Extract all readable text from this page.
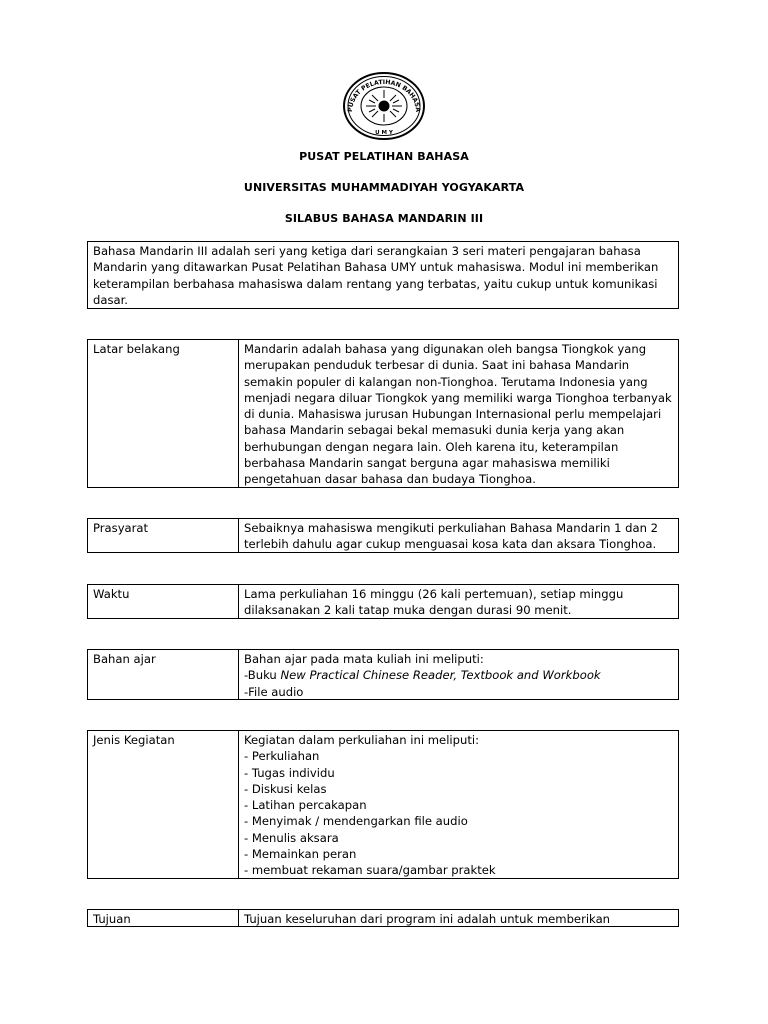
PUSAT PELATIHAN BAHASA
U M Y
PUSAT PELATIHAN BAHASA
UNIVERSITAS MUHAMMADIYAH YOGYAKARTA
SILABUS BAHASA MANDARIN III
Bahasa Mandarin III adalah seri yang ketiga dari serangkaian 3 seri materi pengajaran bahasa
Mandarin yang ditawarkan Pusat Pelatihan Bahasa UMY untuk mahasiswa. Modul ini memberikan
keterampilan berbahasa mahasiswa dalam rentang yang terbatas, yaitu cukup untuk komunikasi
dasar.
Latar belakang	Mandarin adalah bahasa yang digunakan oleh bangsa Tiongkok yang
merupakan penduduk terbesar di dunia. Saat ini bahasa Mandarin
semakin populer di kalangan non-Tionghoa. Terutama Indonesia yang
menjadi negara diluar Tiongkok yang memiliki warga Tionghoa terbanyak
di dunia. Mahasiswa jurusan Hubungan Internasional perlu mempelajari
bahasa Mandarin sebagai bekal memasuki dunia kerja yang akan
berhubungan dengan negara lain. Oleh karena itu, keterampilan
berbahasa Mandarin sangat berguna agar mahasiswa memiliki
pengetahuan dasar bahasa dan budaya Tionghoa.
Prasyarat	Sebaiknya mahasiswa mengikuti perkuliahan Bahasa Mandarin 1 dan 2
terlebih dahulu agar cukup menguasai kosa kata dan aksara Tionghoa.
Waktu	Lama perkuliahan 16 minggu (26 kali pertemuan), setiap minggu
dilaksanakan 2 kali tatap muka dengan durasi 90 menit.
Bahan ajar	Bahan ajar pada mata kuliah ini meliputi:
-Buku New Practical Chinese Reader, Textbook and Workbook
-File audio
Jenis Kegiatan	Kegiatan dalam perkuliahan ini meliputi:
- Perkuliahan
- Tugas individu
- Diskusi kelas
- Latihan percakapan
- Menyimak / mendengarkan file audio
- Menulis aksara
- Memainkan peran
- membuat rekaman suara/gambar praktek
Tujuan	Tujuan keseluruhan dari program ini adalah untuk memberikan
